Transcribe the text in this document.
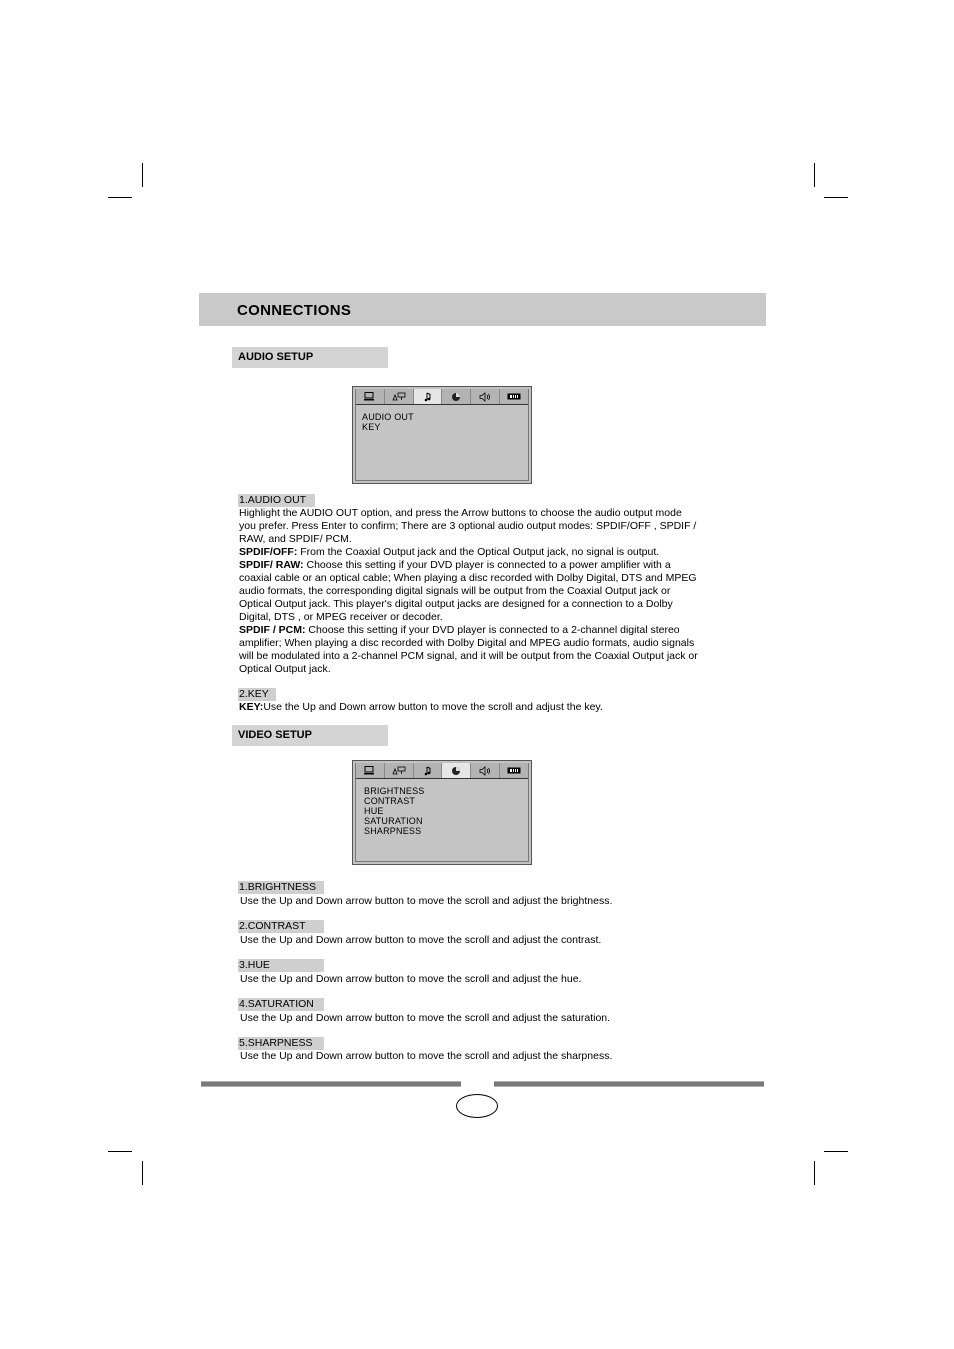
CONNECTIONS
AUDIO SETUP
AUDIO OUT
KEY
1.AUDIO OUT

Highlight the AUDIO OUT option, and press the Arrow buttons to choose the audio output mode you prefer. Press Enter to confirm; There are 3 optional audio output modes: SPDIF/OFF , SPDIF / RAW, and SPDIF/ PCM.

SPDIF/OFF: From the Coaxial Output jack and the Optical Output jack, no signal is output.

SPDIF/ RAW: Choose this setting if your DVD player is connected to a power amplifier with a coaxial cable or an optical cable; When playing a disc recorded with Dolby Digital, DTS and MPEG audio formats, the corresponding digital signals will be output from the Coaxial Output jack or Optical Output jack. This player's digital output jacks are designed for a connection to a Dolby Digital, DTS , or MPEG receiver or decoder.

SPDIF / PCM: Choose this setting if your DVD player is connected to a 2-channel digital stereo amplifier; When playing a disc recorded with Dolby Digital and MPEG audio formats, audio signals will be modulated into a 2-channel PCM signal, and it will be output from the Coaxial Output jack or Optical Output jack.

2.KEY

KEY:Use the Up and Down arrow button to move the scroll and adjust the key.

VIDEO SETUP
BRIGHTNESS
CONTRAST
HUE
SATURATION
SHARPNESS
1.BRIGHTNESS
Use the Up and Down arrow button to move the scroll and adjust the brightness.
2.CONTRAST
Use the Up and Down arrow button to move the scroll and adjust the contrast.
3.HUE
Use the Up and Down arrow button to move the scroll and adjust the hue.
4.SATURATION
Use the Up and Down arrow button to move the scroll and adjust the saturation.
5.SHARPNESS
Use the Up and Down arrow button to move the scroll and adjust the sharpness.
